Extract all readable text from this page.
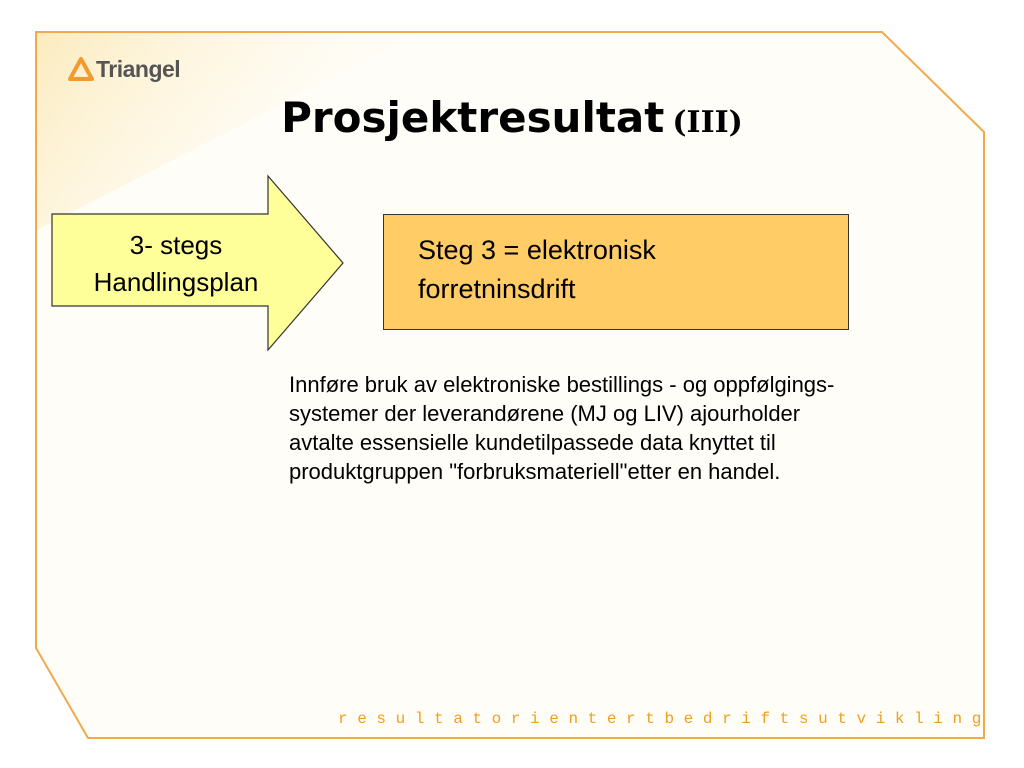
Triangel
Prosjektresultat (III)
3- stegs
Handlingsplan
Steg 3 = elektronisk
forretninsdrift
Innføre bruk av elektroniske bestillings - og oppfølgings-
systemer der leverandørene (MJ og LIV) ajourholder
avtalte essensielle kundetilpassede data knyttet til
produktgruppen "forbruksmateriell"etter en handel.
r e s u l t a t o r i e n t e r t b e d r i f t s u t v i k l i n g
